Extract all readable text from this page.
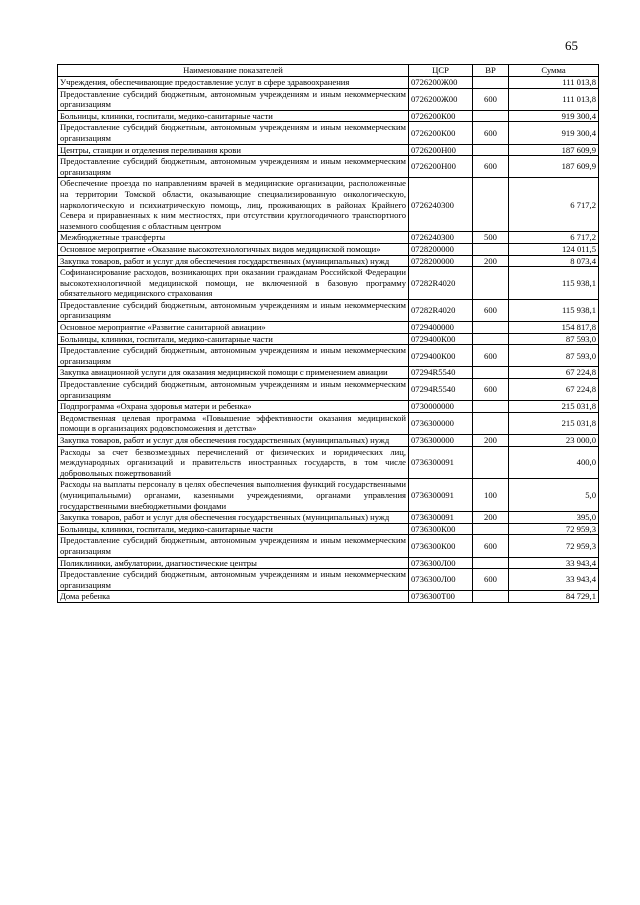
65
Наименование показателей	ЦСР	ВР	Сумма
Учреждения, обеспечивающие предоставление услуг в сфере здравоохранения	0726200Ж00		111 013,8
Предоставление субсидий бюджетным, автономным учреждениям и иным некоммерческим организациям	0726200Ж00	600	111 013,8
Больницы, клиники, госпитали, медико-санитарные части	0726200К00		919 300,4
Предоставление субсидий бюджетным, автономным учреждениям и иным некоммерческим организациям	0726200К00	600	919 300,4
Центры, станции и отделения переливания крови	0726200Н00		187 609,9
Предоставление субсидий бюджетным, автономным учреждениям и иным некоммерческим организациям	0726200Н00	600	187 609,9
Обеспечение проезда по направлениям врачей в медицинские организации, расположенные на территории Томской области, оказывающие специализированную онкологическую, наркологическую и психиатрическую помощь, лиц, проживающих в районах Крайнего Севера и приравненных к ним местностях, при отсутствии круглогодичного транспортного наземного сообщения с областным центром	0726240300		6 717,2
Межбюджетные трансферты	0726240300	500	6 717,2
Основное мероприятие «Оказание высокотехнологичных видов медицинской помощи»	0728200000		124 011,5
Закупка товаров, работ и услуг для обеспечения государственных (муниципальных) нужд	0728200000	200	8 073,4
Софинансирование расходов, возникающих при оказании гражданам Российской Федерации высокотехнологичной медицинской помощи, не включенной в базовую программу обязательного медицинского страхования	07282R4020		115 938,1
Предоставление субсидий бюджетным, автономным учреждениям и иным некоммерческим организациям	07282R4020	600	115 938,1
Основное мероприятие «Развитие санитарной авиации»	0729400000		154 817,8
Больницы, клиники, госпитали, медико-санитарные части	0729400К00		87 593,0
Предоставление субсидий бюджетным, автономным учреждениям и иным некоммерческим организациям	0729400К00	600	87 593,0
Закупка авиационной услуги для оказания медицинской помощи с применением авиации	07294R5540		67 224,8
Предоставление субсидий бюджетным, автономным учреждениям и иным некоммерческим организациям	07294R5540	600	67 224,8
Подпрограмма «Охрана здоровья матери и ребенка»	0730000000		215 031,8
Ведомственная целевая программа «Повышение эффективности оказания медицинской помощи в организациях родовспоможения и детства»	0736300000		215 031,8
Закупка товаров, работ и услуг для обеспечения государственных (муниципальных) нужд	0736300000	200	23 000,0
Расходы за счет безвозмездных перечислений от физических и юридических лиц, международных организаций и правительств иностранных государств, в том числе добровольных пожертвований	0736300091		400,0
Расходы на выплаты персоналу в целях обеспечения выполнения функций государственными (муниципальными) органами, казенными учреждениями, органами управления государственными внебюджетными фондами	0736300091	100	5,0
Закупка товаров, работ и услуг для обеспечения государственных (муниципальных) нужд	0736300091	200	395,0
Больницы, клиники, госпитали, медико-санитарные части	0736300К00		72 959,3
Предоставление субсидий бюджетным, автономным учреждениям и иным некоммерческим организациям	0736300К00	600	72 959,3
Поликлиники, амбулатории, диагностические центры	0736300Л00		33 943,4
Предоставление субсидий бюджетным, автономным учреждениям и иным некоммерческим организациям	0736300Л00	600	33 943,4
Дома ребенка	0736300Т00		84 729,1
